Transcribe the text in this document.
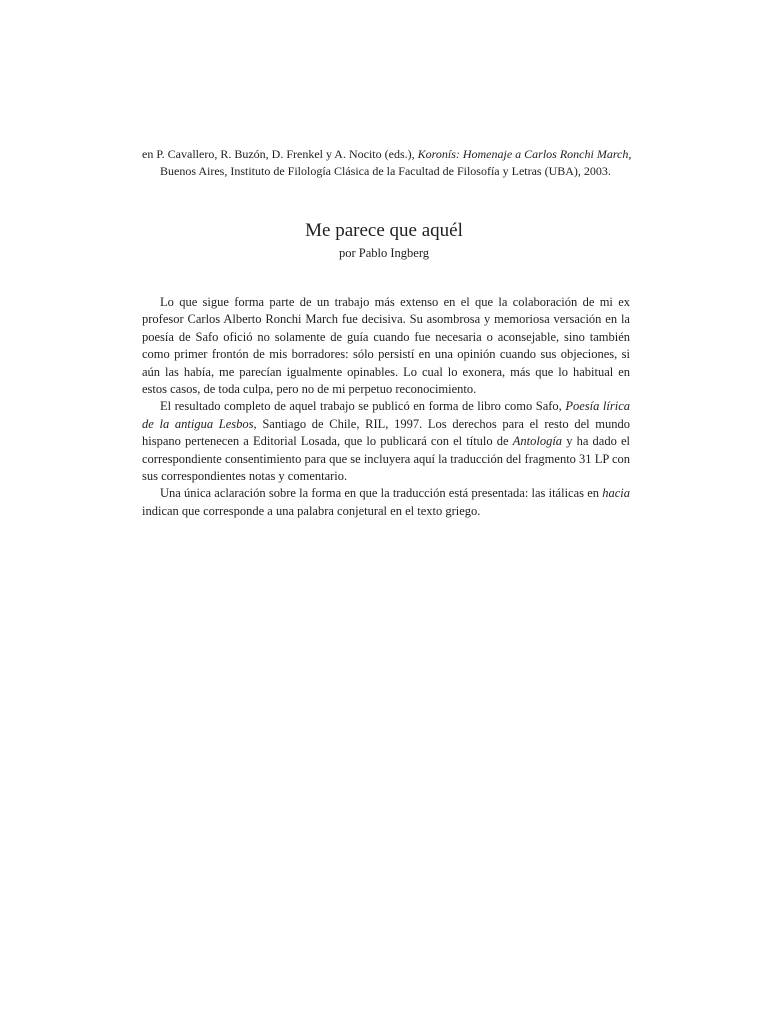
en P. Cavallero, R. Buzón, D. Frenkel y A. Nocito (eds.), Koronís: Homenaje a Carlos Ronchi March,
Buenos Aires, Instituto de Filología Clásica de la Facultad de Filosofía y Letras (UBA), 2003.
Me parece que aquél
por Pablo Ingberg

Lo que sigue forma parte de un trabajo más extenso en el que la colaboración de mi ex profesor Carlos Alberto Ronchi March fue decisiva. Su asombrosa y memoriosa versación en la poesía de Safo ofició no solamente de guía cuando fue necesaria o aconsejable, sino también como primer frontón de mis borradores: sólo persistí en una opinión cuando sus objeciones, si aún las había, me parecían igualmente opinables. Lo cual lo exonera, más que lo habitual en estos casos, de toda culpa, pero no de mi perpetuo reconocimiento.

El resultado completo de aquel trabajo se publicó en forma de libro como Safo, Poesía lírica de la antigua Lesbos, Santiago de Chile, RIL, 1997. Los derechos para el resto del mundo hispano pertenecen a Editorial Losada, que lo publicará con el título de Antología y ha dado el correspondiente consentimiento para que se incluyera aquí la traducción del fragmento 31 LP con sus correspondientes notas y comentario.

Una única aclaración sobre la forma en que la traducción está presentada: las itálicas en hacia indican que corresponde a una palabra conjetural en el texto griego.
